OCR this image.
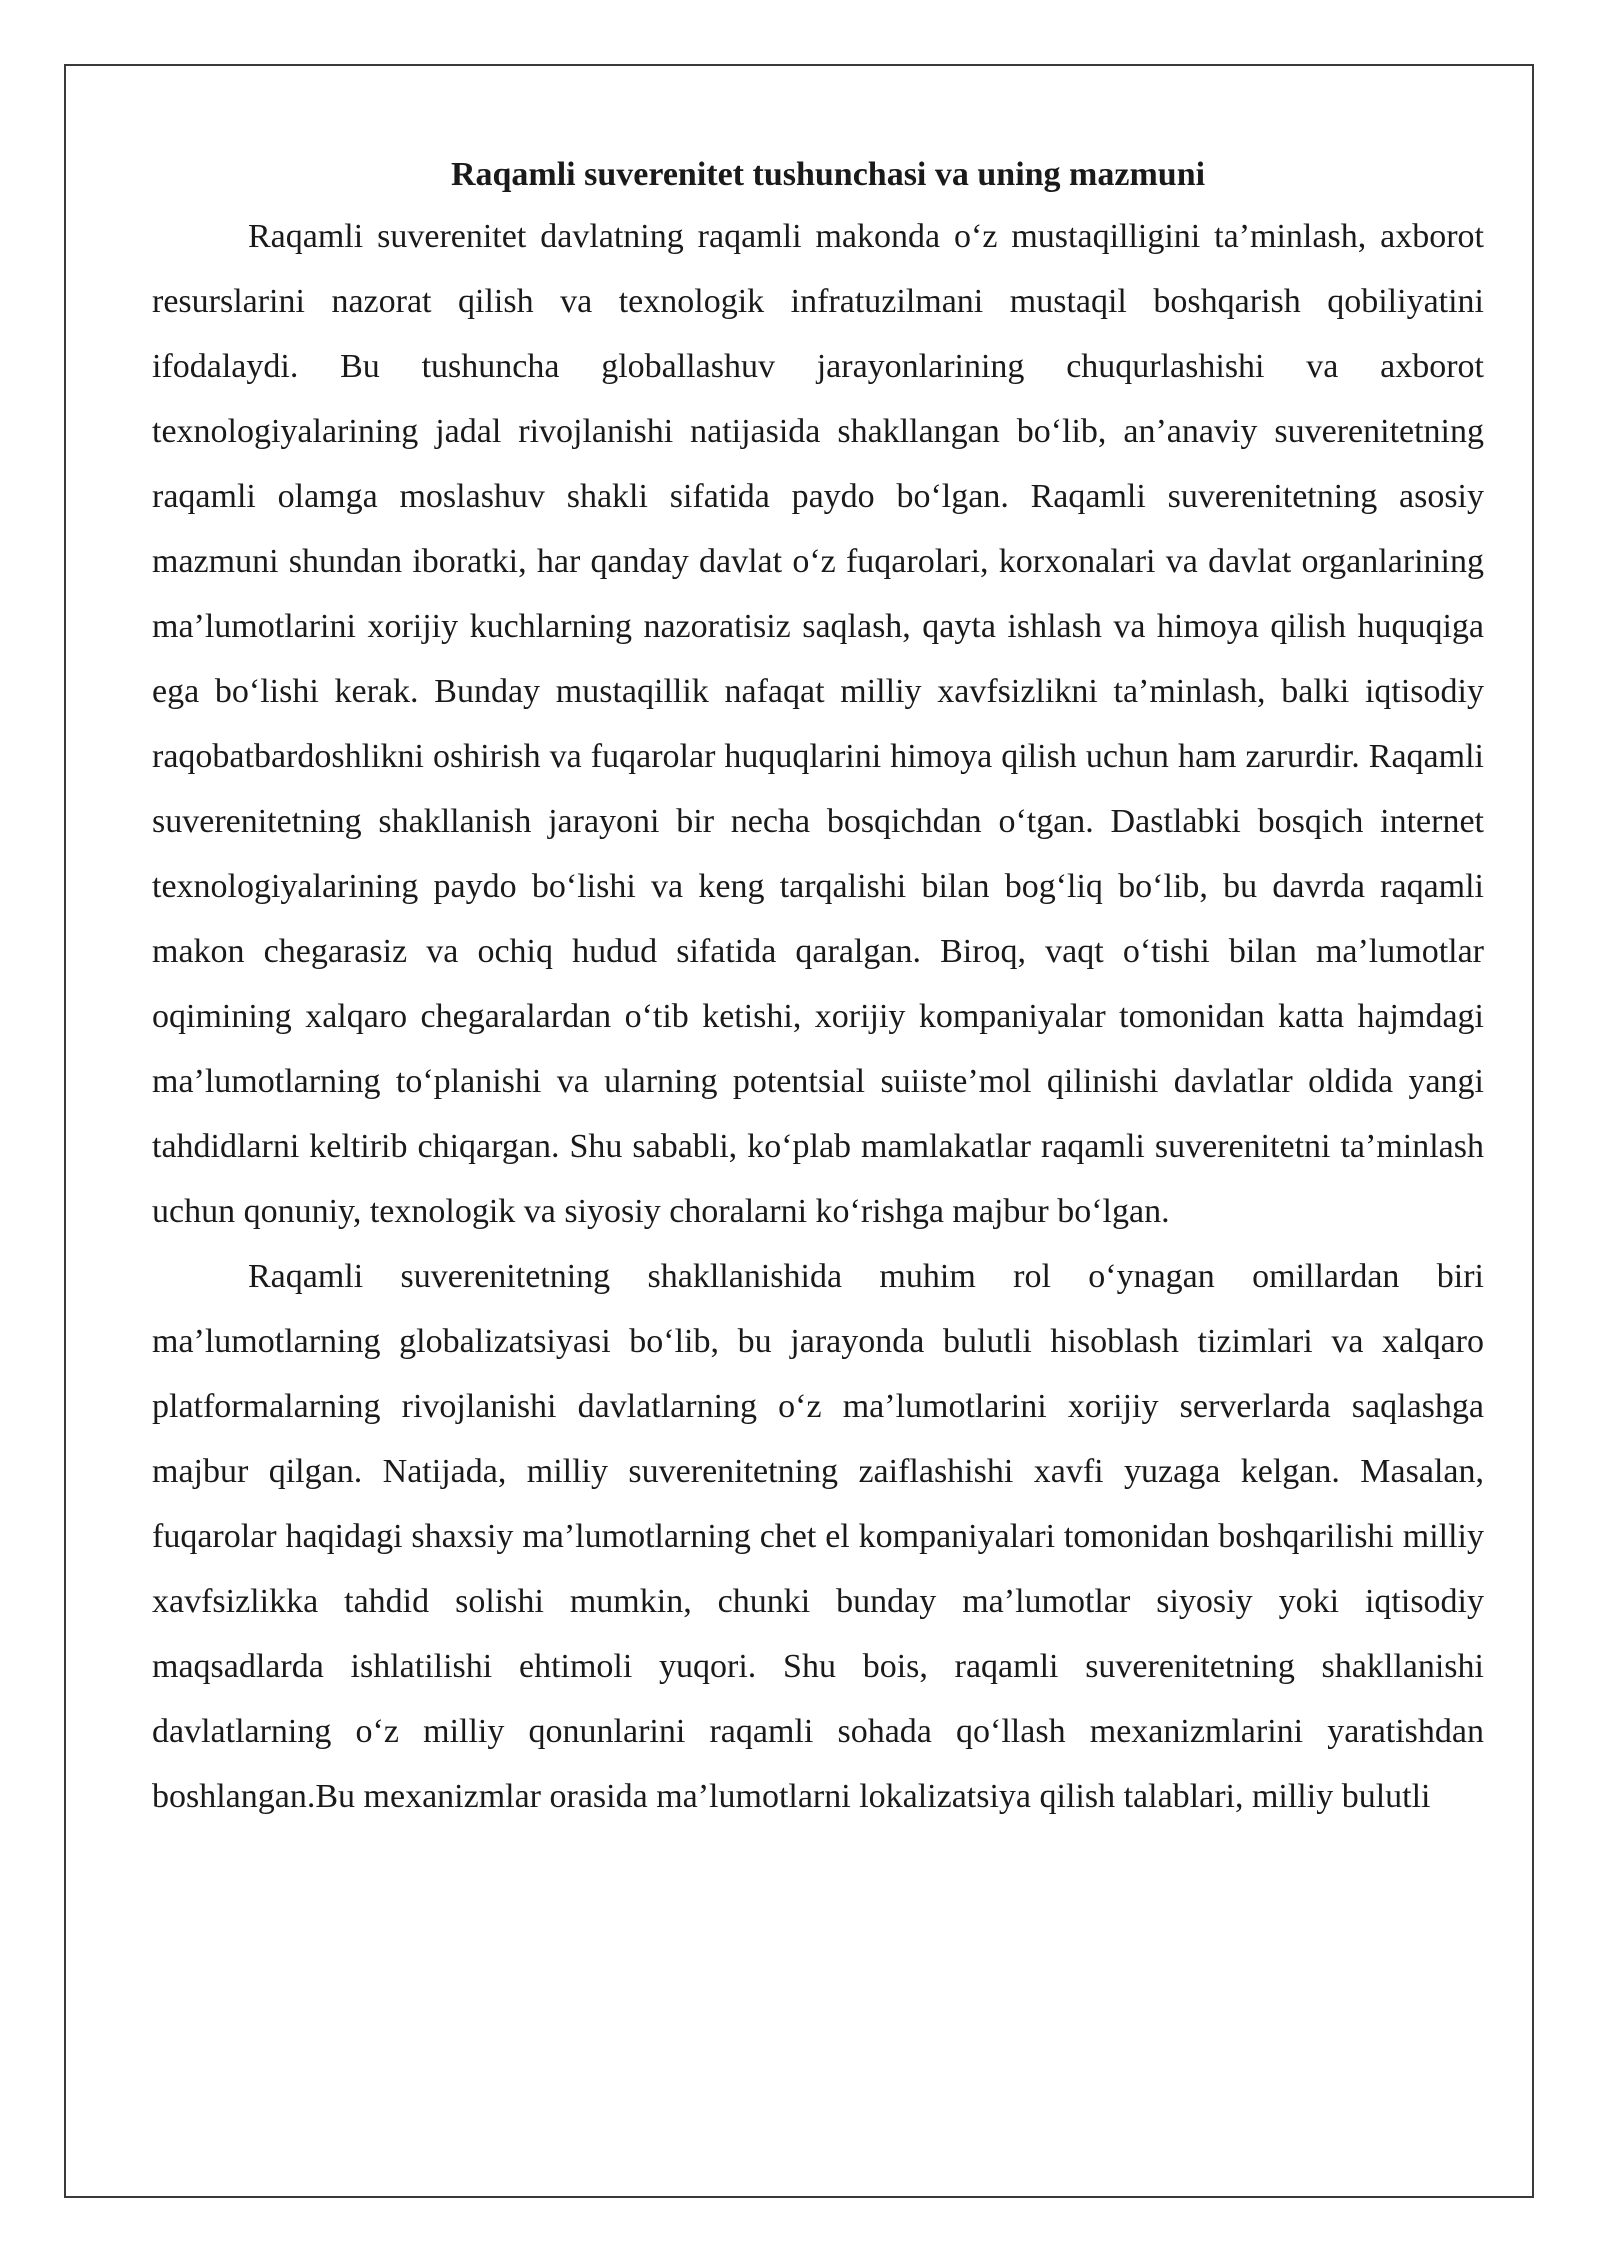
Raqamli suverenitet tushunchasi va uning mazmuni

Raqamli suverenitet davlatning raqamli makonda o‘z mustaqilligini ta’minlash, axborot resurslarini nazorat qilish va texnologik infratuzilmani mustaqil boshqarish qobiliyatini ifodalaydi. Bu tushuncha globallashuv jarayonlarining chuqurlashishi va axborot texnologiyalarining jadal rivojlanishi natijasida shakllangan bo‘lib, an’anaviy suverenitetning raqamli olamga moslashuv shakli sifatida paydo bo‘lgan. Raqamli suverenitetning asosiy mazmuni shundan iboratki, har qanday davlat o‘z fuqarolari, korxonalari va davlat organlarining ma’lumotlarini xorijiy kuchlarning nazoratisiz saqlash, qayta ishlash va himoya qilish huquqiga ega bo‘lishi kerak. Bunday mustaqillik nafaqat milliy xavfsizlikni ta’minlash, balki iqtisodiy raqobatbardoshlikni oshirish va fuqarolar huquqlarini himoya qilish uchun ham zarurdir. Raqamli suverenitetning shakllanish jarayoni bir necha bosqichdan o‘tgan. Dastlabki bosqich internet texnologiyalarining paydo bo‘lishi va keng tarqalishi bilan bog‘liq bo‘lib, bu davrda raqamli makon chegarasiz va ochiq hudud sifatida qaralgan. Biroq, vaqt o‘tishi bilan ma’lumotlar oqimining xalqaro chegaralardan o‘tib ketishi, xorijiy kompaniyalar tomonidan katta hajmdagi ma’lumotlarning to‘planishi va ularning potentsial suiiste’mol qilinishi davlatlar oldida yangi tahdidlarni keltirib chiqargan. Shu sababli, ko‘plab mamlakatlar raqamli suverenitetni ta’minlash uchun qonuniy, texnologik va siyosiy choralarni ko‘rishga majbur bo‘lgan.

Raqamli suverenitetning shakllanishida muhim rol o‘ynagan omillardan biri ma’lumotlarning globalizatsiyasi bo‘lib, bu jarayonda bulutli hisoblash tizimlari va xalqaro platformalarning rivojlanishi davlatlarning o‘z ma’lumotlarini xorijiy serverlarda saqlashga majbur qilgan. Natijada, milliy suverenitetning zaiflashishi xavfi yuzaga kelgan. Masalan, fuqarolar haqidagi shaxsiy ma’lumotlarning chet el kompaniyalari tomonidan boshqarilishi milliy xavfsizlikka tahdid solishi mumkin, chunki bunday ma’lumotlar siyosiy yoki iqtisodiy maqsadlarda ishlatilishi ehtimoli yuqori. Shu bois, raqamli suverenitetning shakllanishi davlatlarning o‘z milliy qonunlarini raqamli sohada qo‘llash mexanizmlarini yaratishdan boshlangan.Bu mexanizmlar orasida ma’lumotlarni lokalizatsiya qilish talablari, milliy bulutli
